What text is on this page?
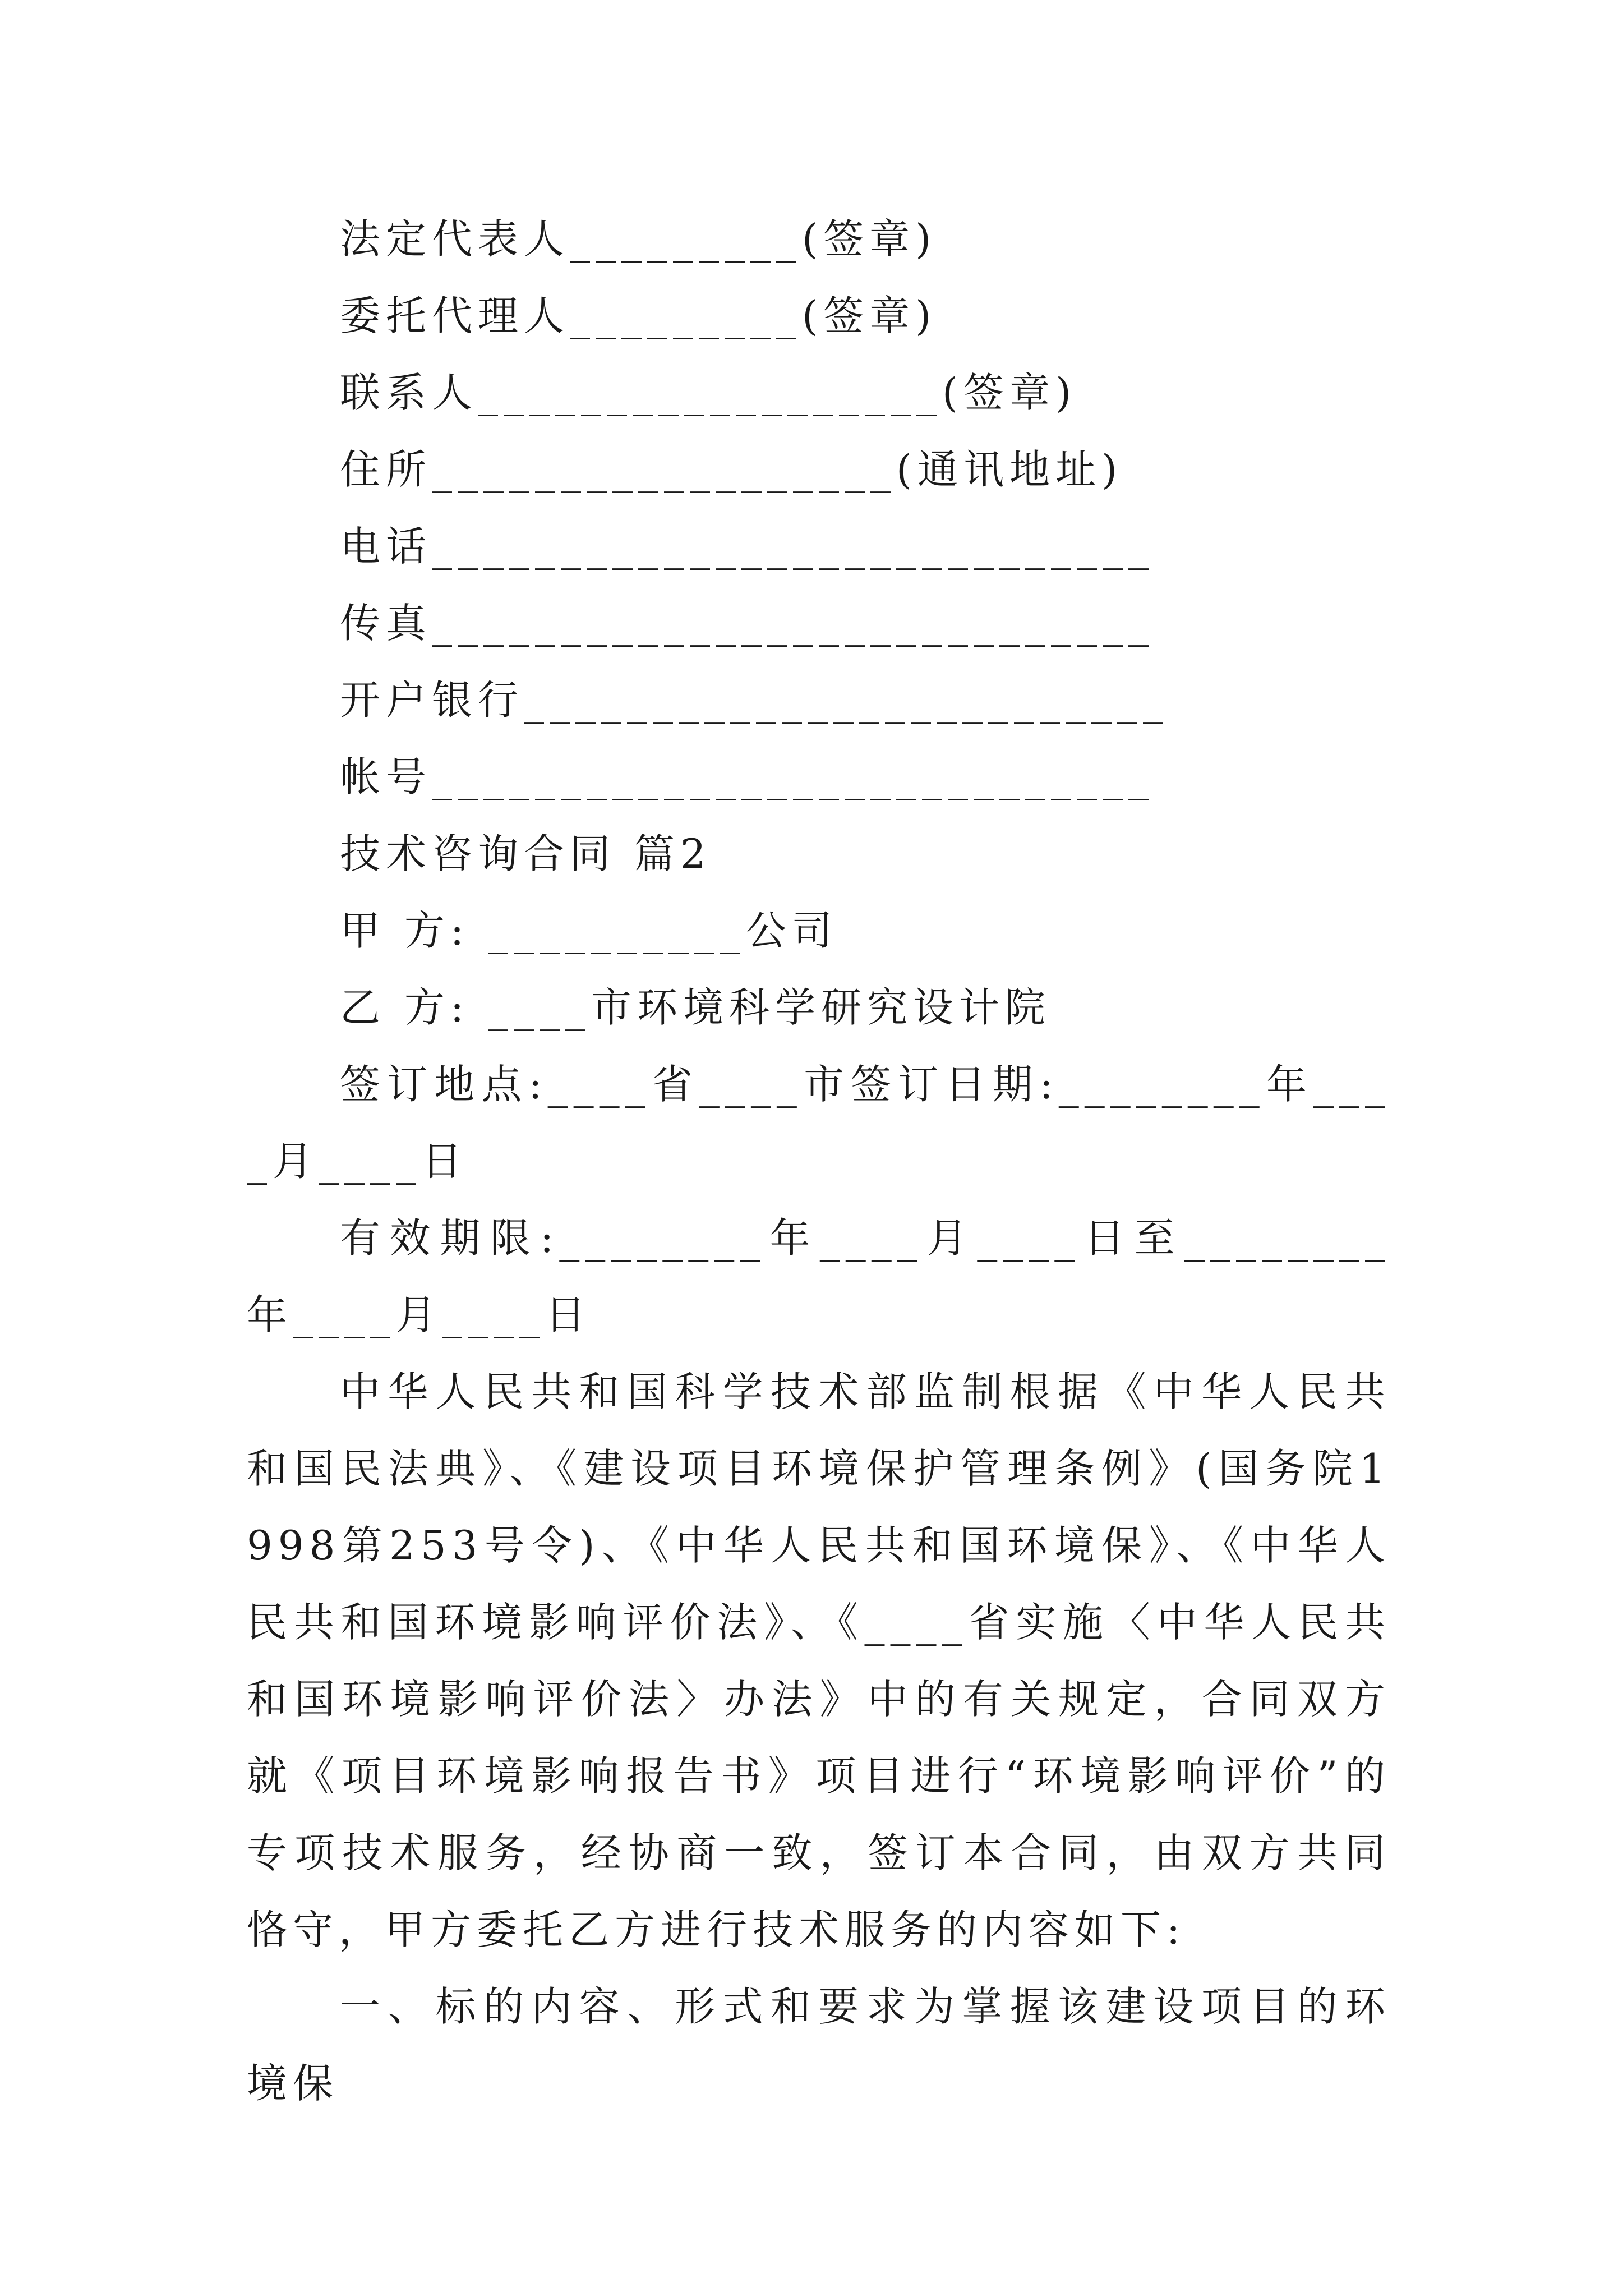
法定代表人_________(签章)
委托代理人_________(签章)
联系人__________________(签章)
住所__________________(通讯地址)
电话____________________________
传真____________________________
开户银行_________________________
帐号____________________________
技术咨询合同 篇2
甲 方: __________公司
乙 方: ____市环境科学研究设计院
签订地点:____省____市签订日期:________年____月____日
有效期限:________年____月____日至________年____月____日
中华人民共和国科学技术部监制根据《中华人民共和国民法典》、《建设项目环境保护管理条例》(国务院1998第253号令)、《中华人民共和国环境保》、《中华人民共和国环境影响评价法》、《____省实施〈中华人民共和国环境影响评价法〉办法》中的有关规定，合同双方就《项目环境影响报告书》项目进行“环境影响评价”的专项技术服务，经协商一致，签订本合同，由双方共同恪守，甲方委托乙方进行技术服务的内容如下:
一、标的内容、形式和要求为掌握该建设项目的环境保
